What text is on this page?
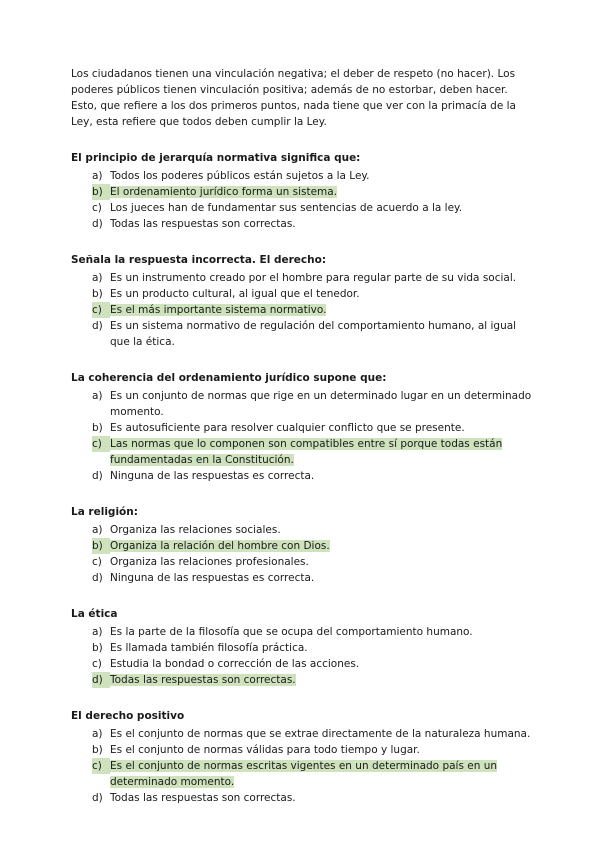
Los ciudadanos tienen una vinculación negativa; el deber de respeto (no hacer). Los poderes públicos tienen vinculación positiva; además de no estorbar, deben hacer. Esto, que refiere a los dos primeros puntos, nada tiene que ver con la primacía de la Ley, esta refiere que todos deben cumplir la Ley.

El principio de jerarquía normativa significa que:
a) Todos los poderes públicos están sujetos a la Ley.
b) El ordenamiento jurídico forma un sistema.
c) Los jueces han de fundamentar sus sentencias de acuerdo a la ley.
d) Todas las respuestas son correctas.
Señala la respuesta incorrecta. El derecho:
a) Es un instrumento creado por el hombre para regular parte de su vida social.
b) Es un producto cultural, al igual que el tenedor.
c) Es el más importante sistema normativo.
d) Es un sistema normativo de regulación del comportamiento humano, al igual que la ética.
La coherencia del ordenamiento jurídico supone que:
a) Es un conjunto de normas que rige en un determinado lugar en un determinado momento.
b) Es autosuficiente para resolver cualquier conflicto que se presente.
c) Las normas que lo componen son compatibles entre sí porque todas están fundamentadas en la Constitución.
d) Ninguna de las respuestas es correcta.
La religión:
a) Organiza las relaciones sociales.
b) Organiza la relación del hombre con Dios.
c) Organiza las relaciones profesionales.
d) Ninguna de las respuestas es correcta.
La ética
a) Es la parte de la filosofía que se ocupa del comportamiento humano.
b) Es llamada también filosofía práctica.
c) Estudia la bondad o corrección de las acciones.
d) Todas las respuestas son correctas.
El derecho positivo
a) Es el conjunto de normas que se extrae directamente de la naturaleza humana.
b) Es el conjunto de normas válidas para todo tiempo y lugar.
c) Es el conjunto de normas escritas vigentes en un determinado país en un determinado momento.
d) Todas las respuestas son correctas.
